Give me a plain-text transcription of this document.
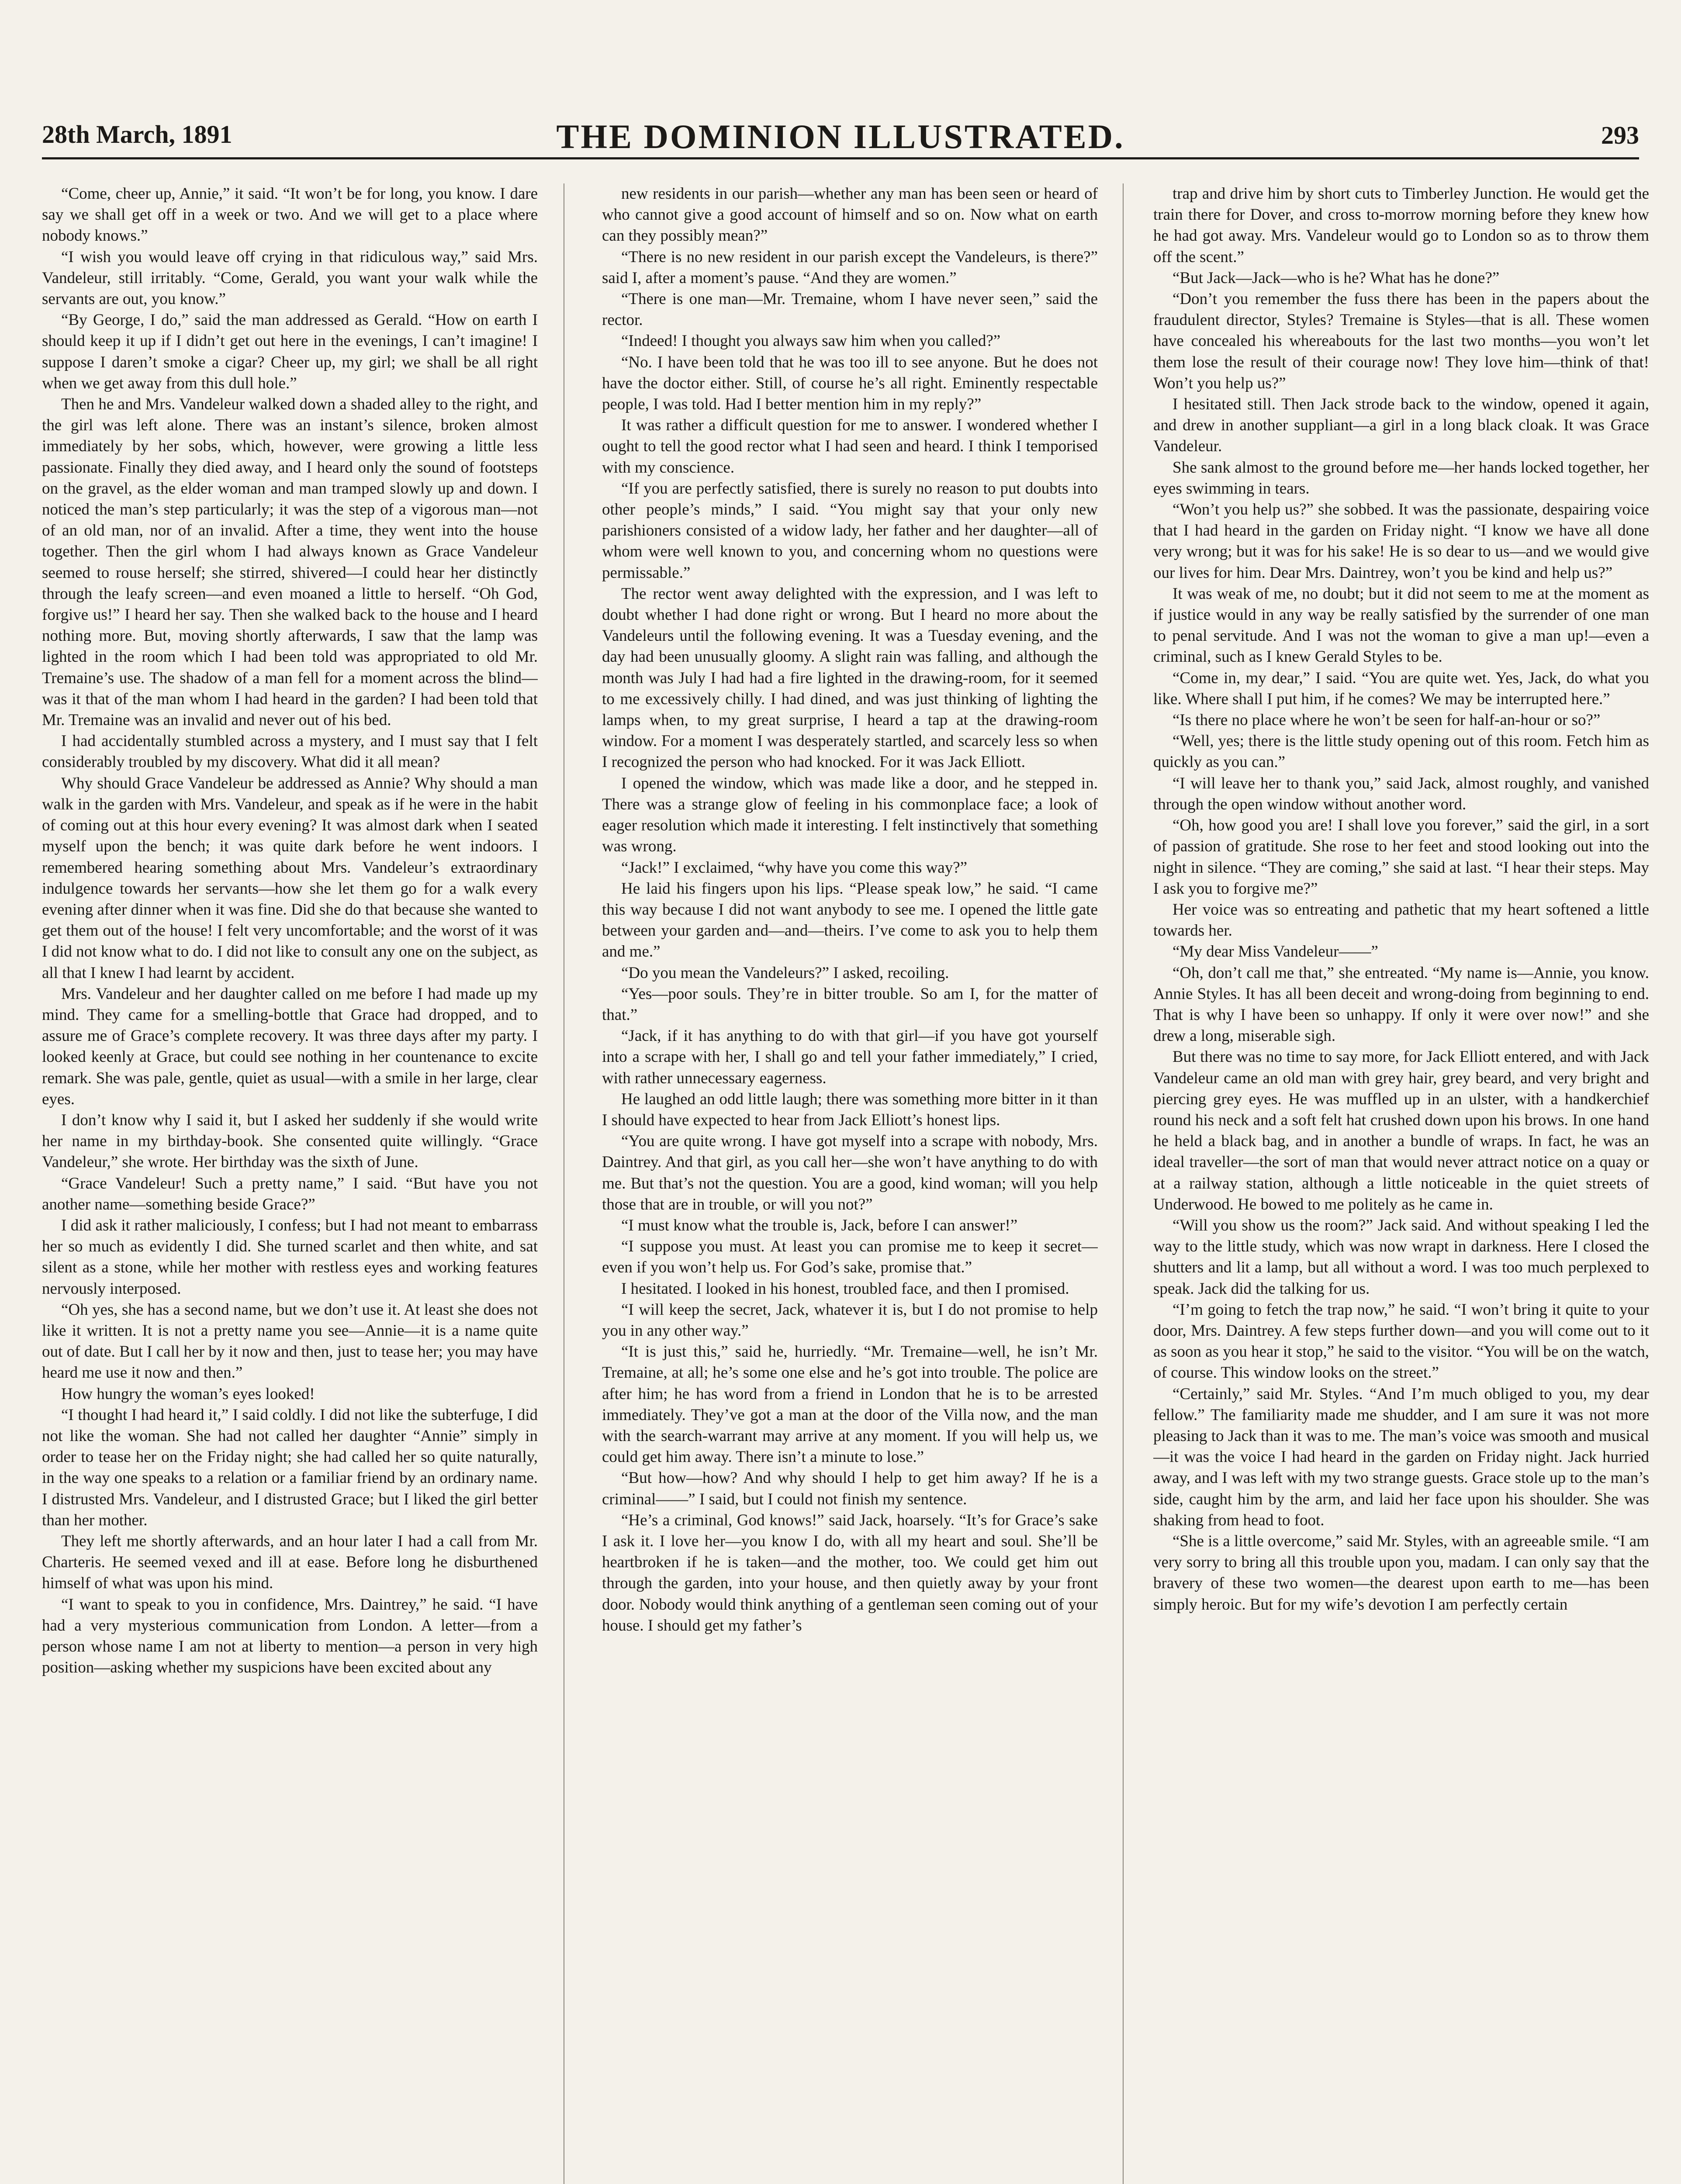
28th March, 1891	THE DOMINION ILLUSTRATED.	293

“Come, cheer up, Annie,” it said. “It won’t be for long, you know. I dare say we shall get off in a week or two. And we will get to a place where nobody knows.”

“I wish you would leave off crying in that ridiculous way,” said Mrs. Vandeleur, still irritably. “Come, Gerald, you want your walk while the servants are out, you know.”

“By George, I do,” said the man addressed as Gerald. “How on earth I should keep it up if I didn’t get out here in the evenings, I can’t imagine! I suppose I daren’t smoke a cigar? Cheer up, my girl; we shall be all right when we get away from this dull hole.”

Then he and Mrs. Vandeleur walked down a shaded alley to the right, and the girl was left alone. There was an instant’s silence, broken almost immediately by her sobs, which, however, were growing a little less passionate. Finally they died away, and I heard only the sound of footsteps on the gravel, as the elder woman and man tramped slowly up and down. I noticed the man’s step particularly; it was the step of a vigorous man—not of an old man, nor of an invalid. After a time, they went into the house together. Then the girl whom I had always known as Grace Vandeleur seemed to rouse herself; she stirred, shivered—I could hear her distinctly through the leafy screen—and even moaned a little to herself. “Oh God, forgive us!” I heard her say. Then she walked back to the house and I heard nothing more. But, moving shortly afterwards, I saw that the lamp was lighted in the room which I had been told was appropriated to old Mr. Tremaine’s use. The shadow of a man fell for a moment across the blind—was it that of the man whom I had heard in the garden? I had been told that Mr. Tremaine was an invalid and never out of his bed.

I had accidentally stumbled across a mystery, and I must say that I felt considerably troubled by my discovery. What did it all mean?

Why should Grace Vandeleur be addressed as Annie? Why should a man walk in the garden with Mrs. Vandeleur, and speak as if he were in the habit of coming out at this hour every evening? It was almost dark when I seated myself upon the bench; it was quite dark before he went indoors. I remembered hearing something about Mrs. Vandeleur’s extraordinary indulgence towards her servants—how she let them go for a walk every evening after dinner when it was fine. Did she do that because she wanted to get them out of the house! I felt very uncomfortable; and the worst of it was I did not know what to do. I did not like to consult any one on the subject, as all that I knew I had learnt by accident.

Mrs. Vandeleur and her daughter called on me before I had made up my mind. They came for a smelling-bottle that Grace had dropped, and to assure me of Grace’s complete recovery. It was three days after my party. I looked keenly at Grace, but could see nothing in her countenance to excite remark. She was pale, gentle, quiet as usual—with a smile in her large, clear eyes.

I don’t know why I said it, but I asked her suddenly if she would write her name in my birthday-book. She consented quite willingly. “Grace Vandeleur,” she wrote. Her birthday was the sixth of June.

“Grace Vandeleur! Such a pretty name,” I said. “But have you not another name—something beside Grace?”

I did ask it rather maliciously, I confess; but I had not meant to embarrass her so much as evidently I did. She turned scarlet and then white, and sat silent as a stone, while her mother with restless eyes and working features nervously interposed.

“Oh yes, she has a second name, but we don’t use it. At least she does not like it written. It is not a pretty name you see—Annie—it is a name quite out of date. But I call her by it now and then, just to tease her; you may have heard me use it now and then.”

How hungry the woman’s eyes looked!

“I thought I had heard it,” I said coldly. I did not like the subterfuge, I did not like the woman. She had not called her daughter “Annie” simply in order to tease her on the Friday night; she had called her so quite naturally, in the way one speaks to a relation or a familiar friend by an ordinary name. I distrusted Mrs. Vandeleur, and I distrusted Grace; but I liked the girl better than her mother.

They left me shortly afterwards, and an hour later I had a call from Mr. Charteris. He seemed vexed and ill at ease. Before long he disburthened himself of what was upon his mind.

“I want to speak to you in confidence, Mrs. Daintrey,” he said. “I have had a very mysterious communication from London. A letter—from a person whose name I am not at liberty to mention—a person in very high position—asking whether my suspicions have been excited about any

new residents in our parish—whether any man has been seen or heard of who cannot give a good account of himself and so on. Now what on earth can they possibly mean?”

“There is no new resident in our parish except the Vandeleurs, is there?” said I, after a moment’s pause. “And they are women.”

“There is one man—Mr. Tremaine, whom I have never seen,” said the rector.

“Indeed! I thought you always saw him when you called?”

“No. I have been told that he was too ill to see anyone. But he does not have the doctor either. Still, of course he’s all right. Eminently respectable people, I was told. Had I better mention him in my reply?”

It was rather a difficult question for me to answer. I wondered whether I ought to tell the good rector what I had seen and heard. I think I temporised with my conscience.

“If you are perfectly satisfied, there is surely no reason to put doubts into other people’s minds,” I said. “You might say that your only new parishioners consisted of a widow lady, her father and her daughter—all of whom were well known to you, and concerning whom no questions were permissable.”

The rector went away delighted with the expression, and I was left to doubt whether I had done right or wrong. But I heard no more about the Vandeleurs until the following evening. It was a Tuesday evening, and the day had been unusually gloomy. A slight rain was falling, and although the month was July I had had a fire lighted in the drawing-room, for it seemed to me excessively chilly. I had dined, and was just thinking of lighting the lamps when, to my great surprise, I heard a tap at the drawing-room window. For a moment I was desperately startled, and scarcely less so when I recognized the person who had knocked. For it was Jack Elliott.

I opened the window, which was made like a door, and he stepped in. There was a strange glow of feeling in his commonplace face; a look of eager resolution which made it interesting. I felt instinctively that something was wrong.

“Jack!” I exclaimed, “why have you come this way?”

He laid his fingers upon his lips. “Please speak low,” he said. “I came this way because I did not want anybody to see me. I opened the little gate between your garden and—and—theirs. I’ve come to ask you to help them and me.”

“Do you mean the Vandeleurs?” I asked, recoiling.

“Yes—poor souls. They’re in bitter trouble. So am I, for the matter of that.”

“Jack, if it has anything to do with that girl—if you have got yourself into a scrape with her, I shall go and tell your father immediately,” I cried, with rather unnecessary eagerness.

He laughed an odd little laugh; there was something more bitter in it than I should have expected to hear from Jack Elliott’s honest lips.

“You are quite wrong. I have got myself into a scrape with nobody, Mrs. Daintrey. And that girl, as you call her—she won’t have anything to do with me. But that’s not the question. You are a good, kind woman; will you help those that are in trouble, or will you not?”

“I must know what the trouble is, Jack, before I can answer!”

“I suppose you must. At least you can promise me to keep it secret—even if you won’t help us. For God’s sake, promise that.”

I hesitated. I looked in his honest, troubled face, and then I promised.

“I will keep the secret, Jack, whatever it is, but I do not promise to help you in any other way.”

“It is just this,” said he, hurriedly. “Mr. Tremaine—well, he isn’t Mr. Tremaine, at all; he’s some one else and he’s got into trouble. The police are after him; he has word from a friend in London that he is to be arrested immediately. They’ve got a man at the door of the Villa now, and the man with the search-warrant may arrive at any moment. If you will help us, we could get him away. There isn’t a minute to lose.”

“But how—how? And why should I help to get him away? If he is a criminal——” I said, but I could not finish my sentence.

“He’s a criminal, God knows!” said Jack, hoarsely. “It’s for Grace’s sake I ask it. I love her—you know I do, with all my heart and soul. She’ll be heartbroken if he is taken—and the mother, too. We could get him out through the garden, into your house, and then quietly away by your front door. Nobody would think anything of a gentleman seen coming out of your house. I should get my father’s

trap and drive him by short cuts to Timberley Junction. He would get the train there for Dover, and cross to-morrow morning before they knew how he had got away. Mrs. Vandeleur would go to London so as to throw them off the scent.”

“But Jack—Jack—who is he? What has he done?”

“Don’t you remember the fuss there has been in the papers about the fraudulent director, Styles? Tremaine is Styles—that is all. These women have concealed his whereabouts for the last two months—you won’t let them lose the result of their courage now! They love him—think of that! Won’t you help us?”

I hesitated still. Then Jack strode back to the window, opened it again, and drew in another suppliant—a girl in a long black cloak. It was Grace Vandeleur.

She sank almost to the ground before me—her hands locked together, her eyes swimming in tears.

“Won’t you help us?” she sobbed. It was the passionate, despairing voice that I had heard in the garden on Friday night. “I know we have all done very wrong; but it was for his sake! He is so dear to us—and we would give our lives for him. Dear Mrs. Daintrey, won’t you be kind and help us?”

It was weak of me, no doubt; but it did not seem to me at the moment as if justice would in any way be really satisfied by the surrender of one man to penal servitude. And I was not the woman to give a man up!—even a criminal, such as I knew Gerald Styles to be.

“Come in, my dear,” I said. “You are quite wet. Yes, Jack, do what you like. Where shall I put him, if he comes? We may be interrupted here.”

“Is there no place where he won’t be seen for half-an-hour or so?”

“Well, yes; there is the little study opening out of this room. Fetch him as quickly as you can.”

“I will leave her to thank you,” said Jack, almost roughly, and vanished through the open window without another word.

“Oh, how good you are! I shall love you forever,” said the girl, in a sort of passion of gratitude. She rose to her feet and stood looking out into the night in silence. “They are coming,” she said at last. “I hear their steps. May I ask you to forgive me?”

Her voice was so entreating and pathetic that my heart softened a little towards her.

“My dear Miss Vandeleur——”

“Oh, don’t call me that,” she entreated. “My name is—Annie, you know. Annie Styles. It has all been deceit and wrong-doing from beginning to end. That is why I have been so unhappy. If only it were over now!” and she drew a long, miserable sigh.

But there was no time to say more, for Jack Elliott entered, and with Jack Vandeleur came an old man with grey hair, grey beard, and very bright and piercing grey eyes. He was muffled up in an ulster, with a handkerchief round his neck and a soft felt hat crushed down upon his brows. In one hand he held a black bag, and in another a bundle of wraps. In fact, he was an ideal traveller—the sort of man that would never attract notice on a quay or at a railway station, although a little noticeable in the quiet streets of Underwood. He bowed to me politely as he came in.

“Will you show us the room?” Jack said. And without speaking I led the way to the little study, which was now wrapt in darkness. Here I closed the shutters and lit a lamp, but all without a word. I was too much perplexed to speak. Jack did the talking for us.

“I’m going to fetch the trap now,” he said. “I won’t bring it quite to your door, Mrs. Daintrey. A few steps further down—and you will come out to it as soon as you hear it stop,” he said to the visitor. “You will be on the watch, of course. This window looks on the street.”

“Certainly,” said Mr. Styles. “And I’m much obliged to you, my dear fellow.” The familiarity made me shudder, and I am sure it was not more pleasing to Jack than it was to me. The man’s voice was smooth and musical—it was the voice I had heard in the garden on Friday night. Jack hurried away, and I was left with my two strange guests. Grace stole up to the man’s side, caught him by the arm, and laid her face upon his shoulder. She was shaking from head to foot.

“She is a little overcome,” said Mr. Styles, with an agreeable smile. “I am very sorry to bring all this trouble upon you, madam. I can only say that the bravery of these two women—the dearest upon earth to me—has been simply heroic. But for my wife’s devotion I am perfectly certain
